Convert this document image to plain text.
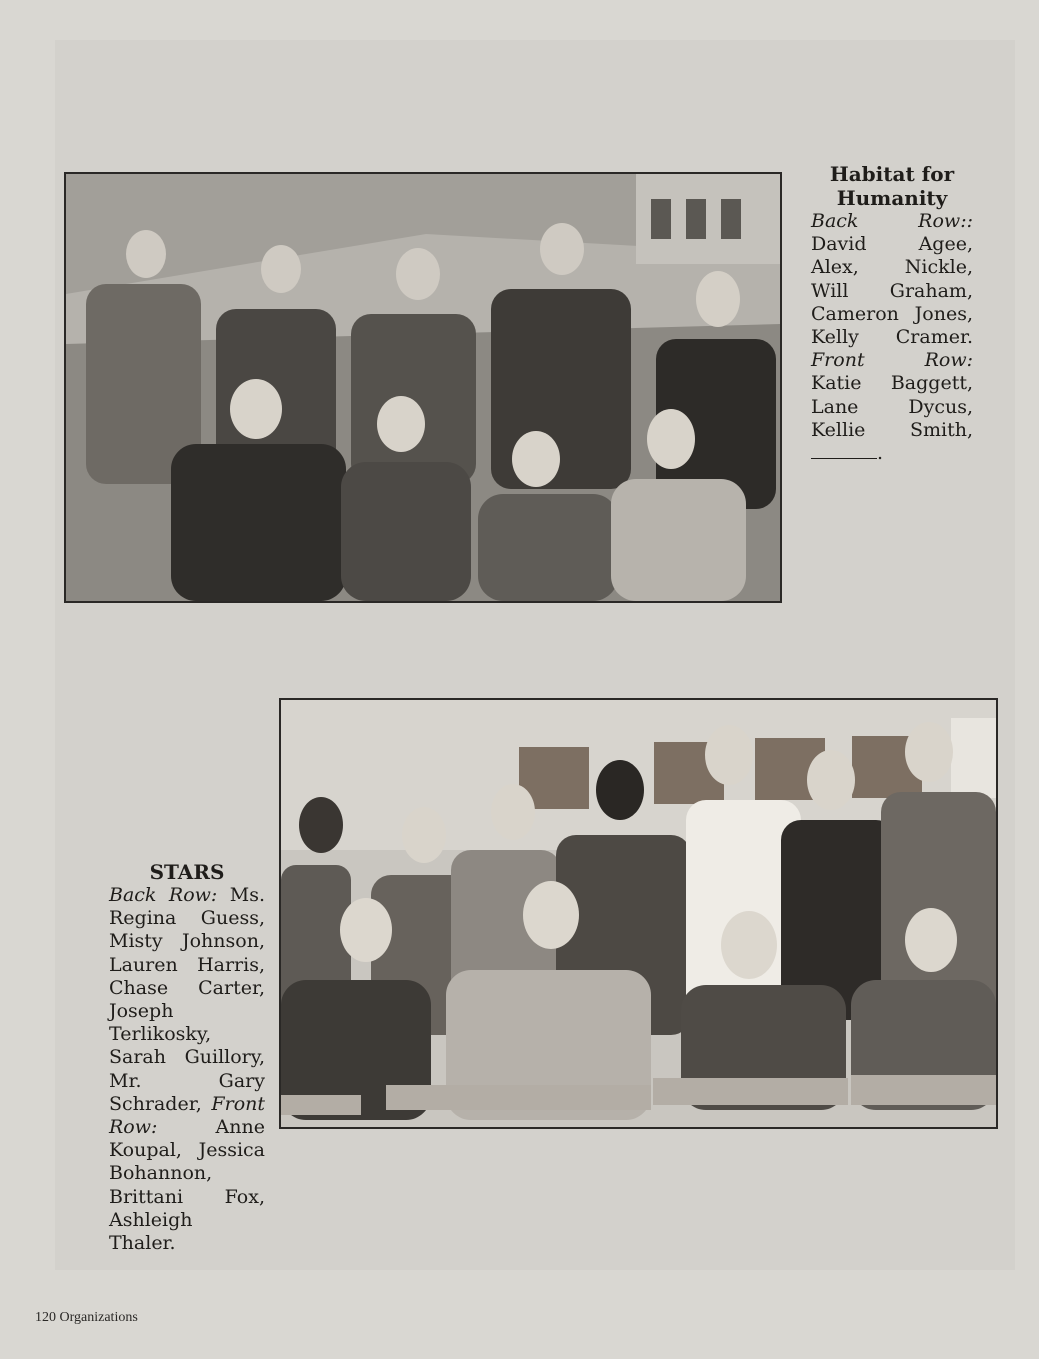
Habitat for Humanity
Back Row:: David Agee, Alex, Nickle, Will Graham, Cameron Jones, Kelly Cramer. Front Row: Katie Baggett, Lane Dycus, Kellie Smith, .
STARS
Back Row: Ms. Regina Guess, Misty Johnson, Lauren Harris, Chase Carter, Joseph Terlikosky, Sarah Guillory, Mr. Gary Schrader, Front Row:	Anne Koupal, Jessica Bohannon, Brittani Fox, Ashleigh Thaler.
120 Organizations
